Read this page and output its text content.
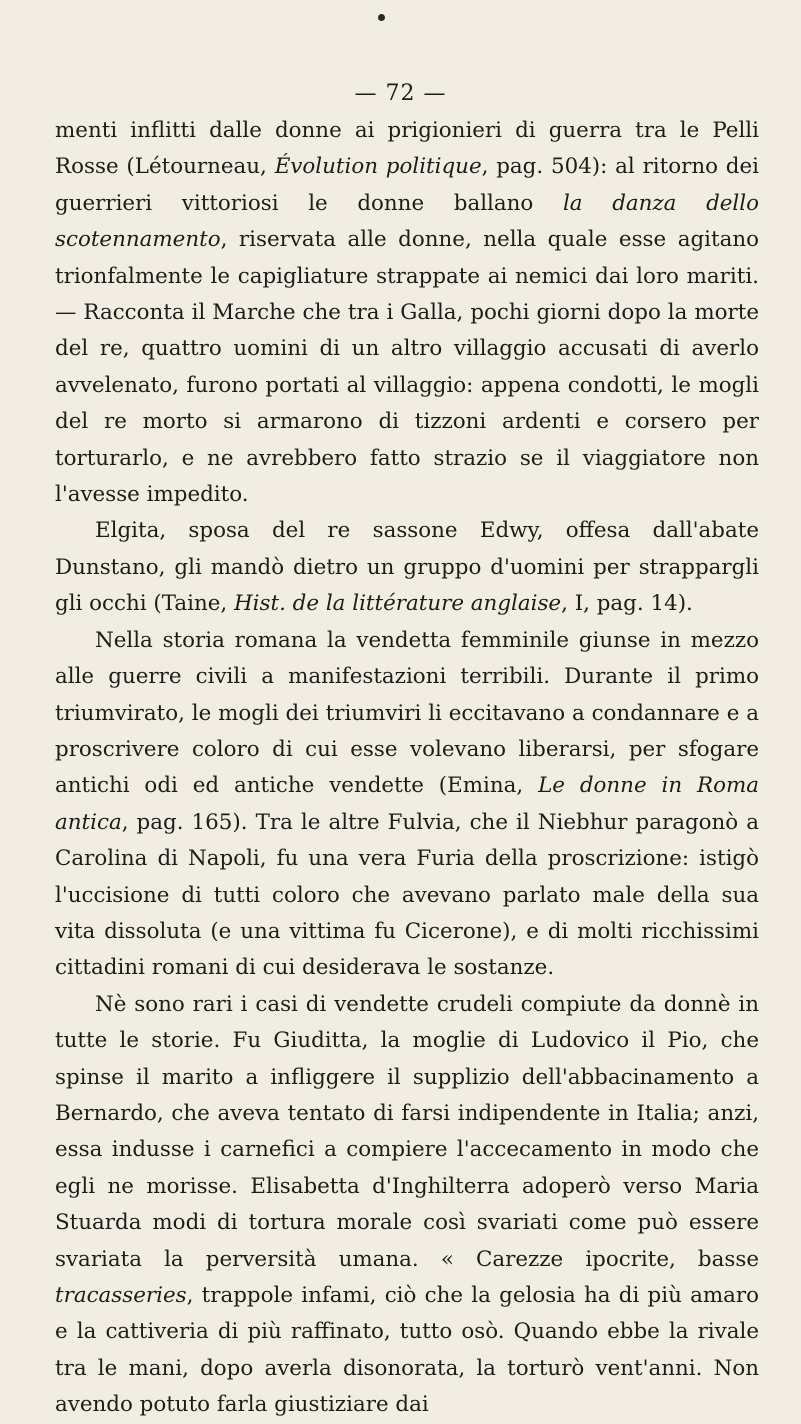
— 72 —

menti inflitti dalle donne ai prigionieri di guerra tra le Pelli Rosse (Létourneau, Évolution politique, pag. 504): al ritorno dei guerrieri vittoriosi le donne ballano la danza dello scotennamento, riservata alle donne, nella quale esse agitano trionfalmente le capigliature strappate ai nemici dai loro mariti. — Racconta il Marche che tra i Galla, pochi giorni dopo la morte del re, quattro uomini di un altro villaggio accusati di averlo avvelenato, furono portati al villaggio: appena condotti, le mogli del re morto si armarono di tizzoni ardenti e corsero per torturarlo, e ne avrebbero fatto strazio se il viaggiatore non l'avesse impedito.

Elgita, sposa del re sassone Edwy, offesa dall'abate Dunstano, gli mandò dietro un gruppo d'uomini per strappargli gli occhi (Taine, Hist. de la littérature anglaise, I, pag. 14).

Nella storia romana la vendetta femminile giunse in mezzo alle guerre civili a manifestazioni terribili. Durante il primo triumvirato, le mogli dei triumviri li eccitavano a condannare e a proscrivere coloro di cui esse volevano liberarsi, per sfogare antichi odi ed antiche vendette (Emina, Le donne in Roma antica, pag. 165). Tra le altre Fulvia, che il Niebhur paragonò a Carolina di Napoli, fu una vera Furia della proscrizione: istigò l'uccisione di tutti coloro che avevano parlato male della sua vita dissoluta (e una vittima fu Cicerone), e di molti ricchissimi cittadini romani di cui desiderava le sostanze.

Nè sono rari i casi di vendette crudeli compiute da donnè in tutte le storie. Fu Giuditta, la moglie di Ludovico il Pio, che spinse il marito a infliggere il supplizio dell'abbacinamento a Bernardo, che aveva tentato di farsi indipendente in Italia; anzi, essa indusse i carnefici a compiere l'accecamento in modo che egli ne morisse. Elisabetta d'Inghilterra adoperò verso Maria Stuarda modi di tortura morale così svariati come può essere svariata la perversità umana. « Carezze ipocrite, basse tracasseries, trappole infami, ciò che la gelosia ha di più amaro e la cattiveria di più raffinato, tutto osò. Quando ebbe la rivale tra le mani, dopo averla disonorata, la torturò vent'anni. Non avendo potuto farla giustiziare dai
